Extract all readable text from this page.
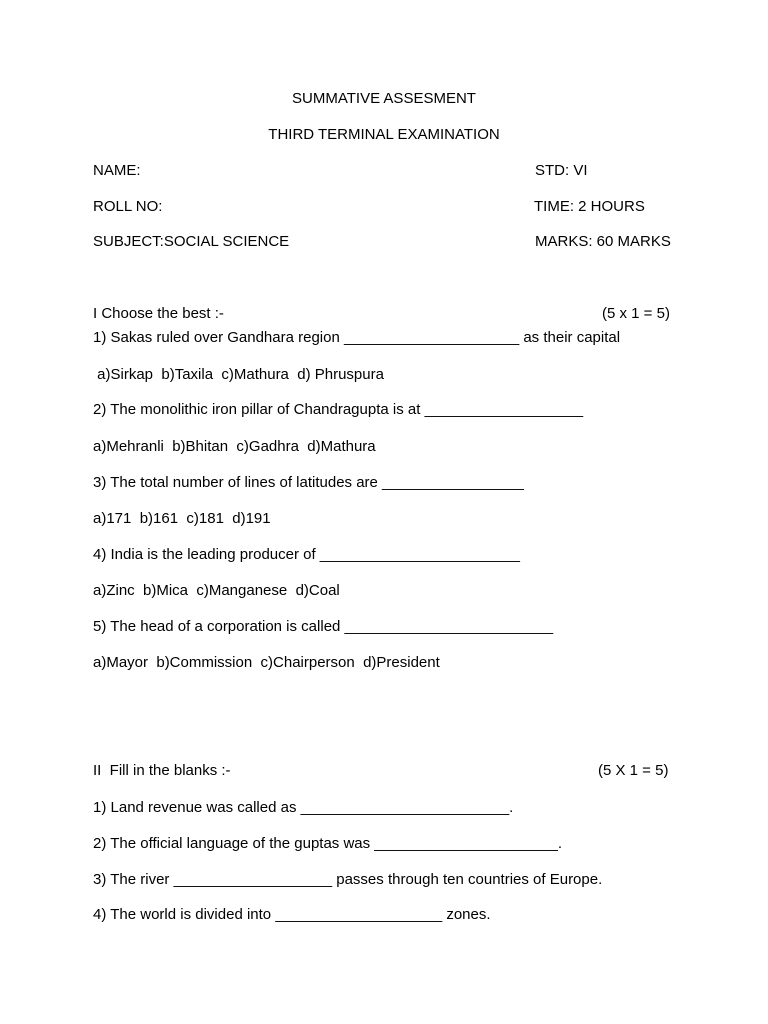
SUMMATIVE ASSESMENT
THIRD TERMINAL EXAMINATION
NAME:	STD: VI
ROLL NO:	TIME: 2 HOURS
SUBJECT:SOCIAL SCIENCE	MARKS: 60 MARKS
I Choose the best :-	(5 x 1 = 5)
1) Sakas ruled over Gandhara region _____________________ as their capital
a)Sirkap  b)Taxila  c)Mathura  d) Phruspura
2) The monolithic iron pillar of Chandragupta is at ___________________
a)Mehranli  b)Bhitan  c)Gadhra  d)Mathura
3) The total number of lines of latitudes are _________________
a)171  b)161  c)181  d)191
4) India is the leading producer of ________________________
a)Zinc  b)Mica  c)Manganese  d)Coal
5) The head of a corporation is called _________________________
a)Mayor  b)Commission  c)Chairperson  d)President
II  Fill in the blanks :-	(5 X 1 = 5)
1) Land revenue was called as _________________________.
2) The official language of the guptas was ______________________.
3) The river ___________________ passes through ten countries of Europe.
4) The world is divided into ____________________ zones.
